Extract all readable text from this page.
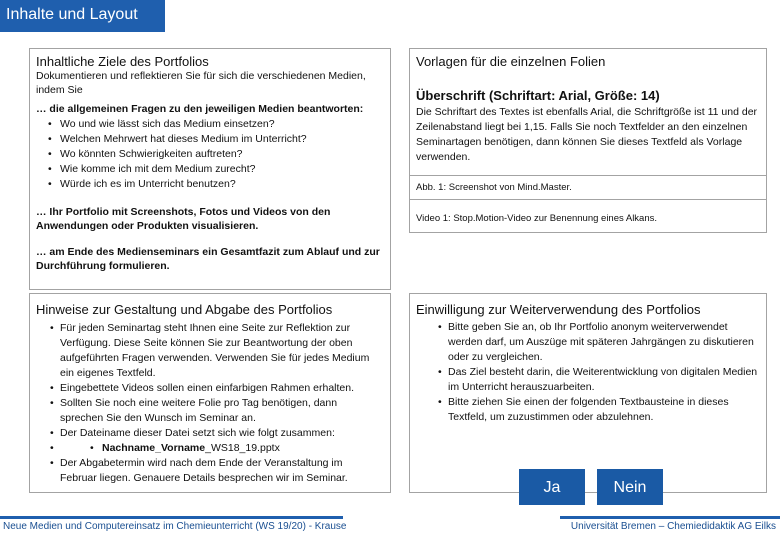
Inhalte und Layout
Inhaltliche Ziele des Portfolios
Dokumentieren und reflektieren Sie für sich die verschiedenen Medien, indem Sie
… die allgemeinen Fragen zu den jeweiligen Medien beantworten:
• Wo und wie lässt sich das Medium einsetzen?
• Welchen Mehrwert hat dieses Medium im Unterricht?
• Wo könnten Schwierigkeiten auftreten?
• Wie komme ich mit dem Medium zurecht?
• Würde ich es im Unterricht benutzen?
… Ihr Portfolio mit Screenshots, Fotos und Videos von den Anwendungen oder Produkten visualisieren.
… am Ende des Medienseminars ein Gesamtfazit zum Ablauf und zur Durchführung formulieren.
Vorlagen für die einzelnen Folien
Überschrift (Schriftart: Arial, Größe: 14)
Die Schriftart des Textes ist ebenfalls Arial, die Schriftgröße ist 11 und der Zeilenabstand liegt bei 1,15. Falls Sie noch Textfelder an den einzelnen Seminartagen benötigen, dann können Sie dieses Textfeld als Vorlage verwenden.
Abb. 1: Screenshot von Mind.Master.
Video 1: Stop.Motion-Video zur Benennung eines Alkans.
Hinweise zur Gestaltung und Abgabe des Portfolios
• Für jeden Seminartag steht Ihnen eine Seite zur Reflektion zur Verfügung. Diese Seite können Sie zur Beantwortung der oben aufgeführten Fragen verwenden. Verwenden Sie für jedes Medium ein eigenes Textfeld.
• Eingebettete Videos sollen einen einfarbigen Rahmen erhalten.
• Sollten Sie noch eine weitere Folie pro Tag benötigen, dann sprechen Sie den Wunsch im Seminar an.
• Der Dateiname dieser Datei setzt sich wie folgt zusammen:
• • Nachname_Vorname_WS18_19.pptx
• Der Abgabetermin wird nach dem Ende der Veranstaltung im Februar liegen. Genauere Details besprechen wir im Seminar.
Einwilligung zur Weiterverwendung des Portfolios
• Bitte geben Sie an, ob Ihr Portfolio anonym weiterverwendet werden darf, um Auszüge mit späteren Jahrgängen zu diskutieren oder zu vergleichen.
• Das Ziel besteht darin, die Weiterentwicklung von digitalen Medien im Unterricht herauszuarbeiten.
• Bitte ziehen Sie einen der folgenden Textbausteine in dieses Textfeld, um zuzustimmen oder abzulehnen.
Ja	Nein
Neue Medien und Computereinsatz im Chemieunterricht (WS 19/20) - Krause	Universität Bremen – Chemiedidaktik AG Eilks
